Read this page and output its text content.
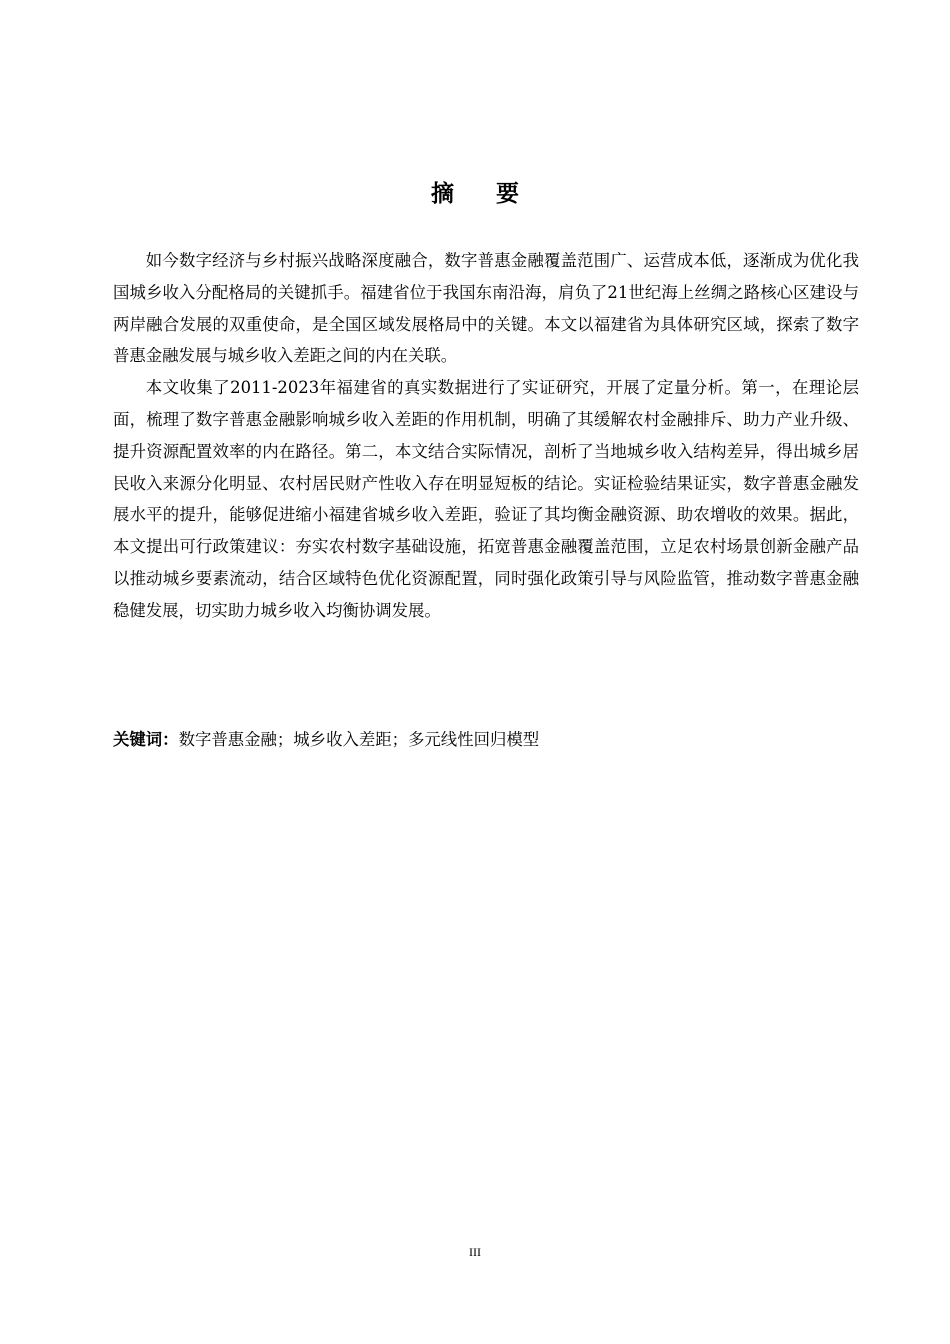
摘 要

如今数字经济与乡村振兴战略深度融合，数字普惠金融覆盖范围广、运营成本低，逐渐成为优化我国城乡收入分配格局的关键抓手。福建省位于我国东南沿海，肩负了21世纪海上丝绸之路核心区建设与两岸融合发展的双重使命，是全国区域发展格局中的关键。本文以福建省为具体研究区域，探索了数字普惠金融发展与城乡收入差距之间的内在关联。

本文收集了2011-2023年福建省的真实数据进行了实证研究，开展了定量分析。第一，在理论层面，梳理了数字普惠金融影响城乡收入差距的作用机制，明确了其缓解农村金融排斥、助力产业升级、提升资源配置效率的内在路径。第二，本文结合实际情况，剖析了当地城乡收入结构差异，得出城乡居民收入来源分化明显、农村居民财产性收入存在明显短板的结论。实证检验结果证实，数字普惠金融发展水平的提升，能够促进缩小福建省城乡收入差距，验证了其均衡金融资源、助农增收的效果。据此，本文提出可行政策建议：夯实农村数字基础设施，拓宽普惠金融覆盖范围，立足农村场景创新金融产品以推动城乡要素流动，结合区域特色优化资源配置，同时强化政策引导与风险监管，推动数字普惠金融稳健发展，切实助力城乡收入均衡协调发展。

关键词：数字普惠金融；城乡收入差距；多元线性回归模型
III
